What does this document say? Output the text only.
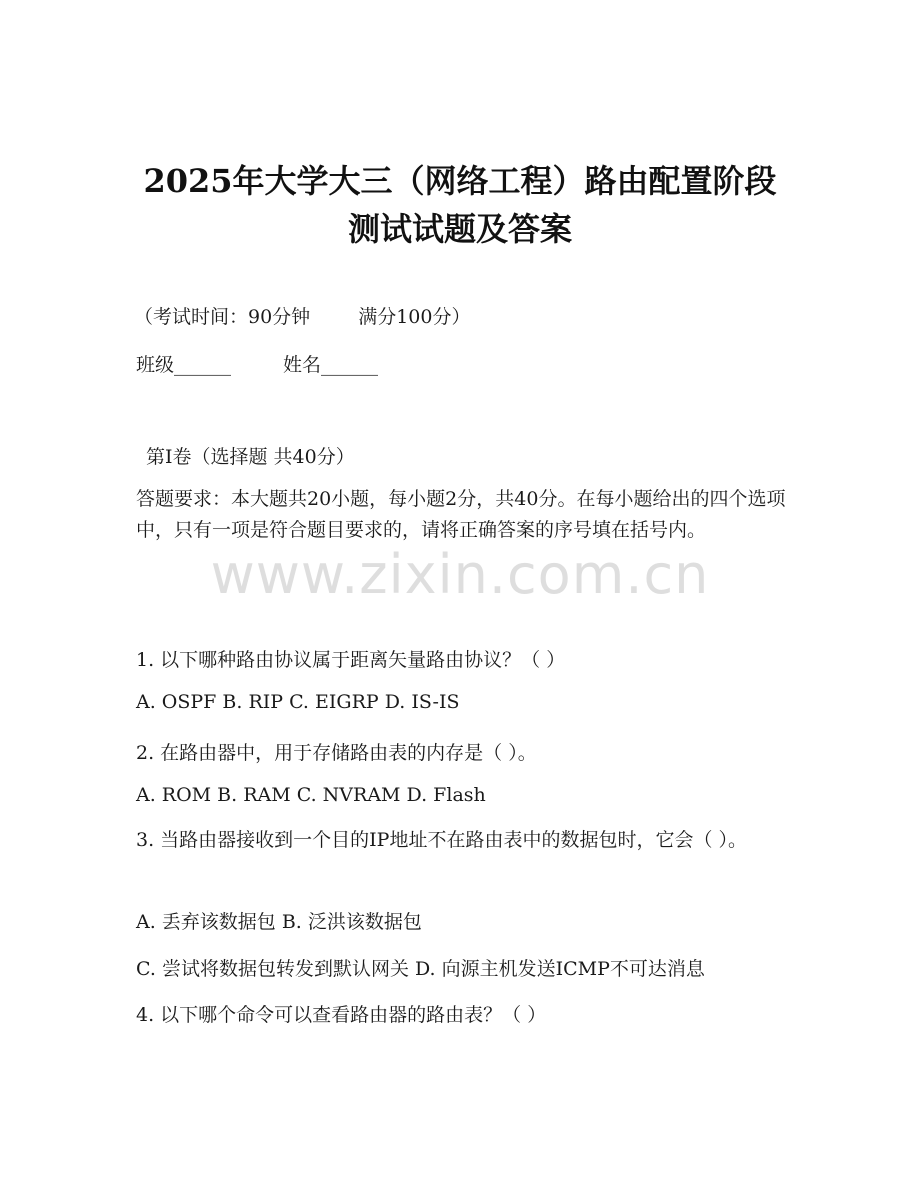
2025年大学大三（网络工程）路由配置阶段
测试试题及答案
（考试时间：90分钟	满分100分）
班级______	姓名______
第I卷（选择题 共40分）
答题要求：本大题共20小题，每小题2分，共40分。在每小题给出的四个选项中，只有一项是符合题目要求的，请将正确答案的序号填在括号内。
www.zixin.com.cn
1. 以下哪种路由协议属于距离矢量路由协议？（ ）
A. OSPF B. RIP C. EIGRP D. IS-IS
2. 在路由器中，用于存储路由表的内存是（ ）。
A. ROM B. RAM C. NVRAM D. Flash
3. 当路由器接收到一个目的IP地址不在路由表中的数据包时，它会（ ）。
A. 丢弃该数据包 B. 泛洪该数据包
C. 尝试将数据包转发到默认网关 D. 向源主机发送ICMP不可达消息
4. 以下哪个命令可以查看路由器的路由表？（ ）
